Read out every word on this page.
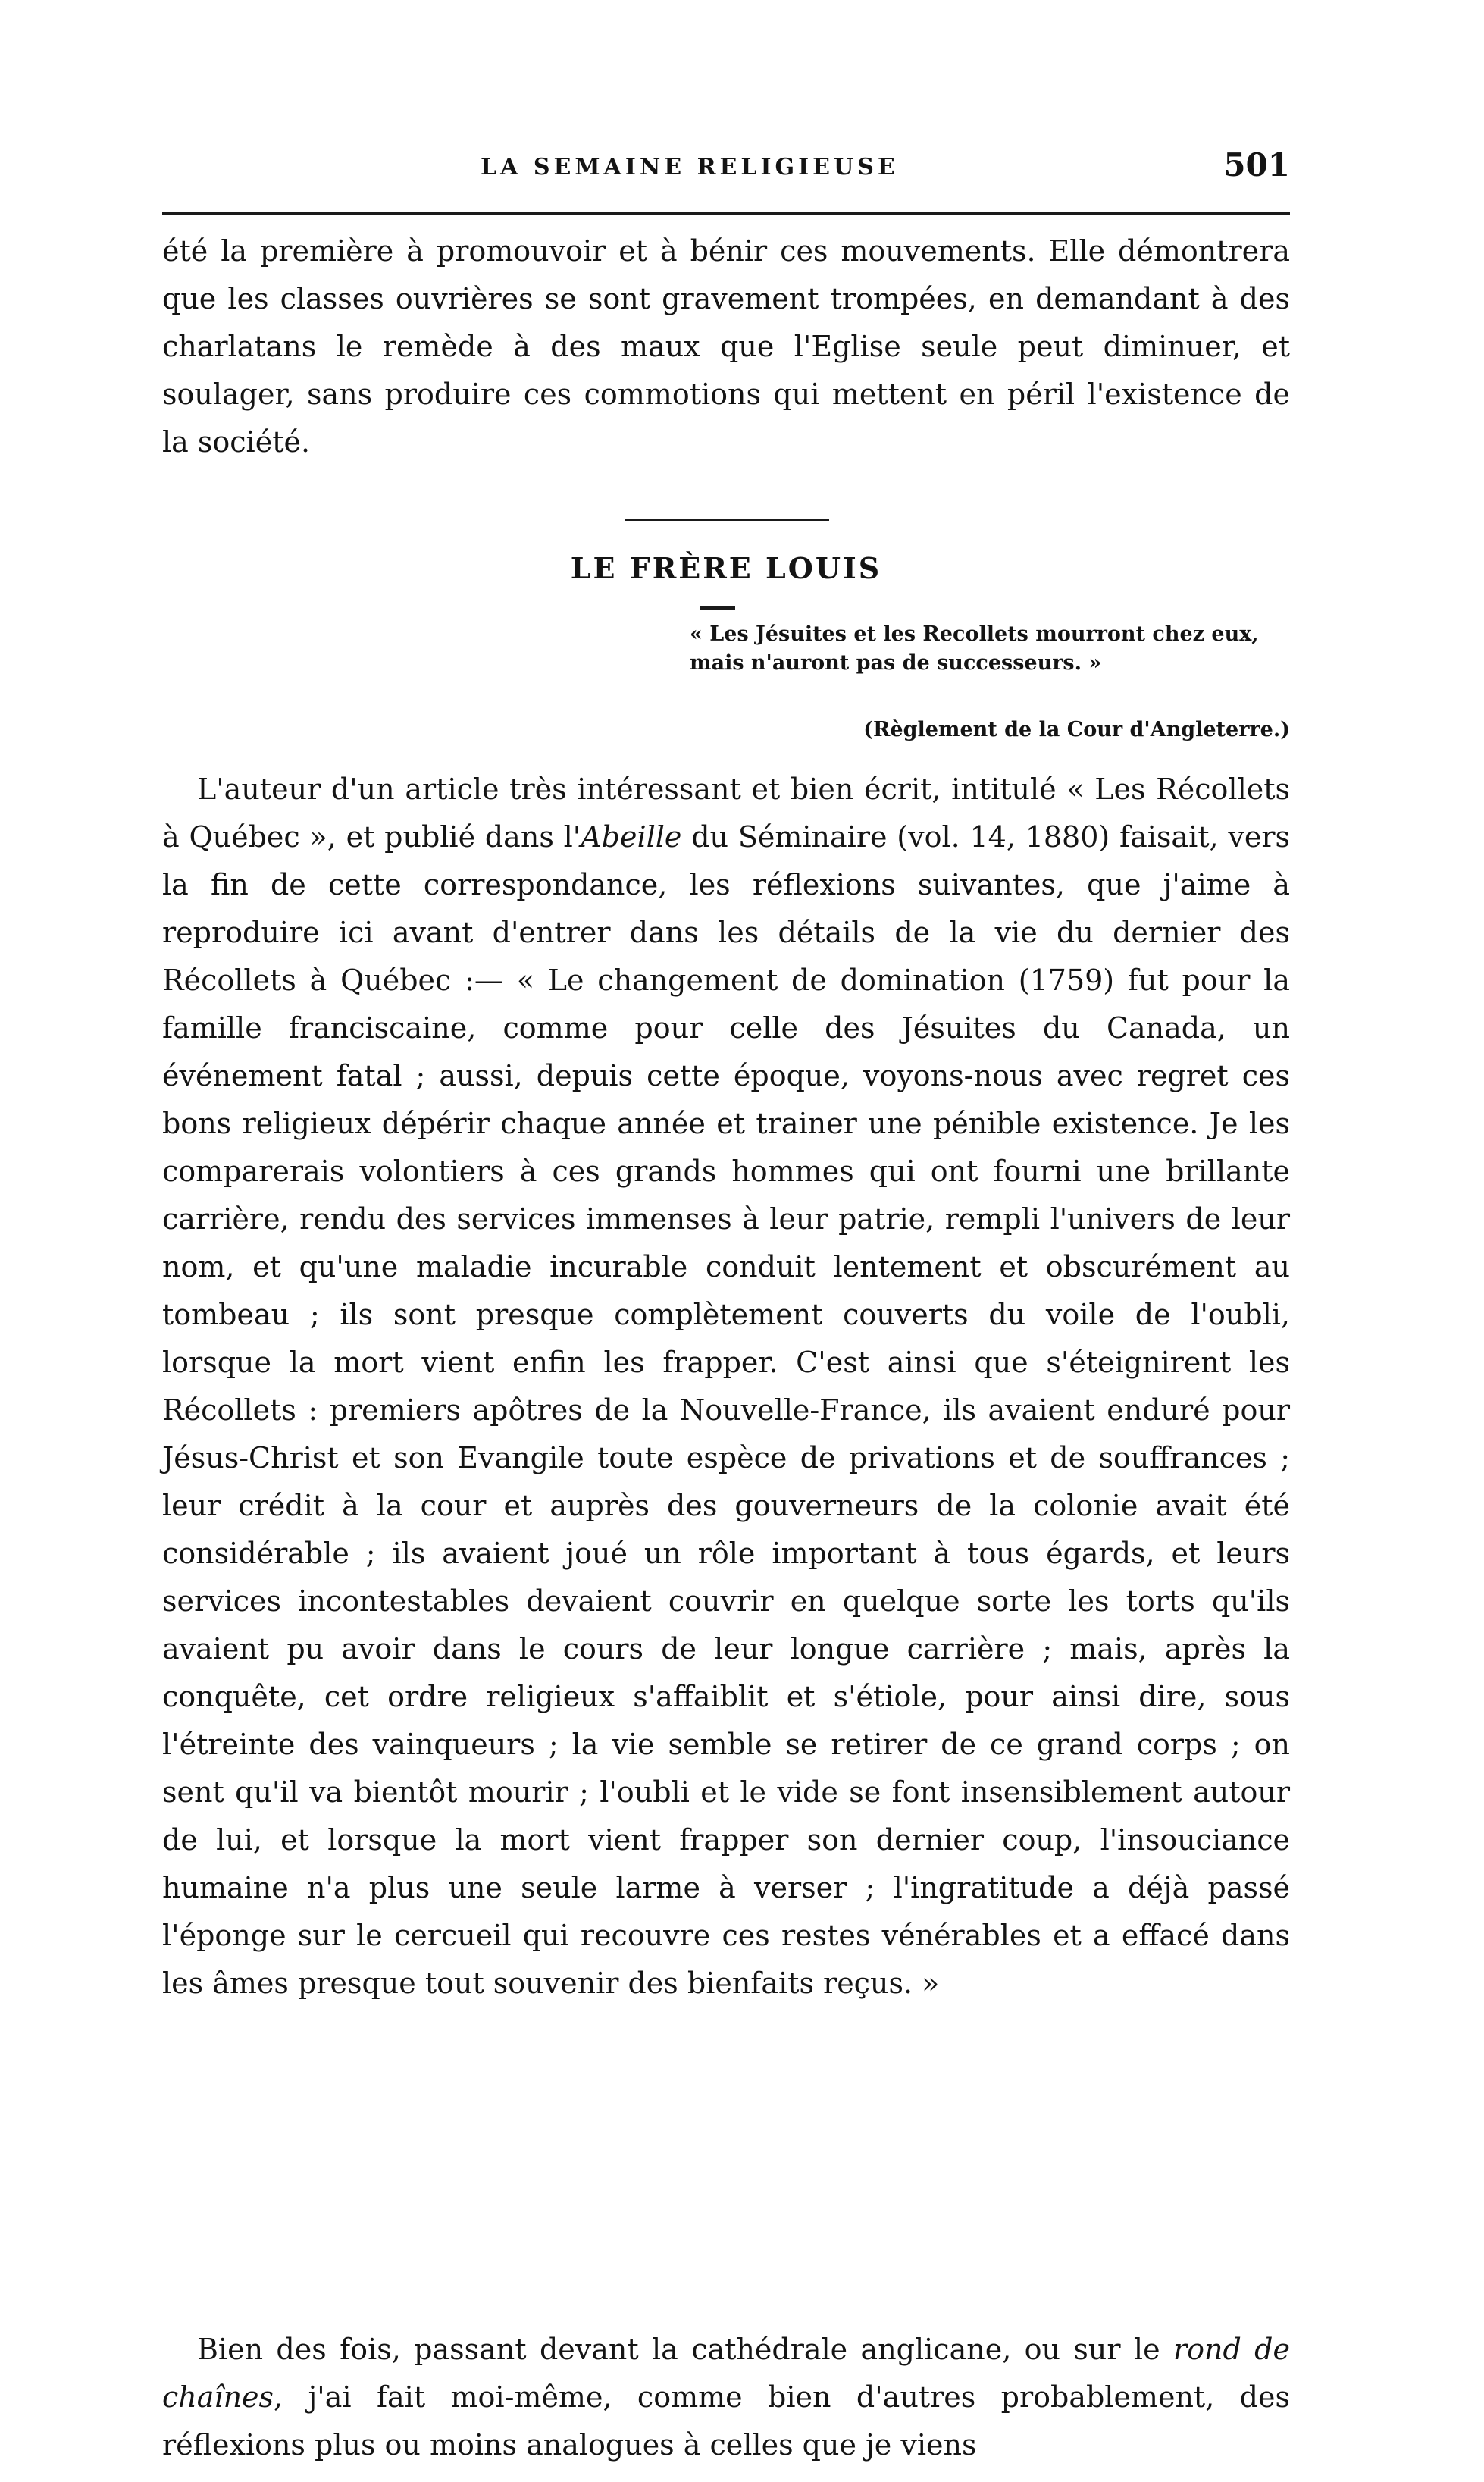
LA SEMAINE RELIGIEUSE	501

été la première à promouvoir et à bénir ces mouvements. Elle démontrera que les classes ouvrières se sont gravement trompées, en demandant à des charlatans le remède à des maux que l'Eglise seule peut diminuer, et soulager, sans produire ces commotions qui mettent en péril l'existence de la société.

LE FRÈRE LOUIS

« Les Jésuites et les Recollets mourront chez eux, mais n'auront pas de successeurs. »

(Règlement de la Cour d'Angleterre.)

L'auteur d'un article très intéressant et bien écrit, intitulé « Les Récollets à Québec », et publié dans l'Abeille du Séminaire (vol. 14, 1880) faisait, vers la fin de cette correspondance, les réflexions suivantes, que j'aime à reproduire ici avant d'entrer dans les détails de la vie du dernier des Récollets à Québec :— « Le changement de domination (1759) fut pour la famille franciscaine, comme pour celle des Jésuites du Canada, un événement fatal ; aussi, depuis cette époque, voyons-nous avec regret ces bons religieux dépérir chaque année et trainer une pénible existence. Je les comparerais volontiers à ces grands hommes qui ont fourni une brillante carrière, rendu des services immenses à leur patrie, rempli l'univers de leur nom, et qu'une maladie incurable conduit lentement et obscurément au tombeau ; ils sont presque complètement couverts du voile de l'oubli, lorsque la mort vient enfin les frapper. C'est ainsi que s'éteignirent les Récollets : premiers apôtres de la Nouvelle-France, ils avaient enduré pour Jésus-Christ et son Evangile toute espèce de privations et de souffrances ; leur crédit à la cour et auprès des gouverneurs de la colonie avait été considérable ; ils avaient joué un rôle important à tous égards, et leurs services incontestables devaient couvrir en quelque sorte les torts qu'ils avaient pu avoir dans le cours de leur longue carrière ; mais, après la conquête, cet ordre religieux s'affaiblit et s'étiole, pour ainsi dire, sous l'étreinte des vainqueurs ; la vie semble se retirer de ce grand corps ; on sent qu'il va bientôt mourir ; l'oubli et le vide se font insensiblement autour de lui, et lorsque la mort vient frapper son dernier coup, l'insouciance humaine n'a plus une seule larme à verser ; l'ingratitude a déjà passé l'éponge sur le cercueil qui recouvre ces restes vénérables et a effacé dans les âmes presque tout souvenir des bienfaits reçus. »

Bien des fois, passant devant la cathédrale anglicane, ou sur le rond de chaînes, j'ai fait moi-même, comme bien d'autres probablement, des réflexions plus ou moins analogues à celles que je viens
